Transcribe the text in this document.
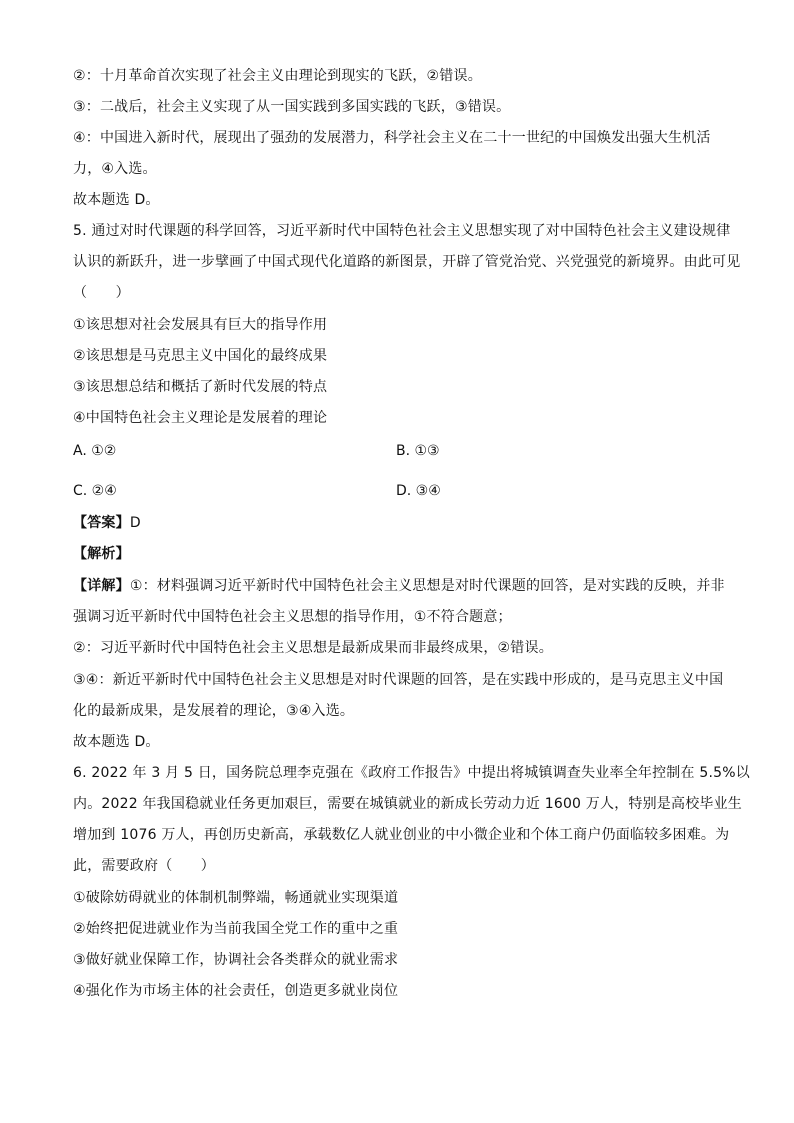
②：十月革命首次实现了社会主义由理论到现实的飞跃，②错误。
③：二战后，社会主义实现了从一国实践到多国实践的飞跃，③错误。
④：中国进入新时代，展现出了强劲的发展潜力，科学社会主义在二十一世纪的中国焕发出强大生机活
力，④入选。
故本题选 D。
5. 通过对时代课题的科学回答，习近平新时代中国特色社会主义思想实现了对中国特色社会主义建设规律
认识的新跃升，进一步擘画了中国式现代化道路的新图景，开辟了管党治党、兴党强党的新境界。由此可见
（　　）
①该思想对社会发展具有巨大的指导作用
②该思想是马克思主义中国化的最终成果
③该思想总结和概括了新时代发展的特点
④中国特色社会主义理论是发展着的理论
A. ①②	B. ①③
C. ②④	D. ③④
【答案】D
【解析】
【详解】①：材料强调习近平新时代中国特色社会主义思想是对时代课题的回答，是对实践的反映，并非
强调习近平新时代中国特色社会主义思想的指导作用，①不符合题意；
②：习近平新时代中国特色社会主义思想是最新成果而非最终成果，②错误。
③④：新近平新时代中国特色社会主义思想是对时代课题的回答，是在实践中形成的，是马克思主义中国
化的最新成果，是发展着的理论，③④入选。
故本题选 D。
6. 2022 年 3 月 5 日，国务院总理李克强在《政府工作报告》中提出将城镇调查失业率全年控制在 5.5%以
内。2022 年我国稳就业任务更加艰巨，需要在城镇就业的新成长劳动力近 1600 万人，特别是高校毕业生
增加到 1076 万人，再创历史新高，承载数亿人就业创业的中小微企业和个体工商户仍面临较多困难。为
此，需要政府（　　）
①破除妨碍就业的体制机制弊端，畅通就业实现渠道
②始终把促进就业作为当前我国全党工作的重中之重
③做好就业保障工作，协调社会各类群众的就业需求
④强化作为市场主体的社会责任，创造更多就业岗位
